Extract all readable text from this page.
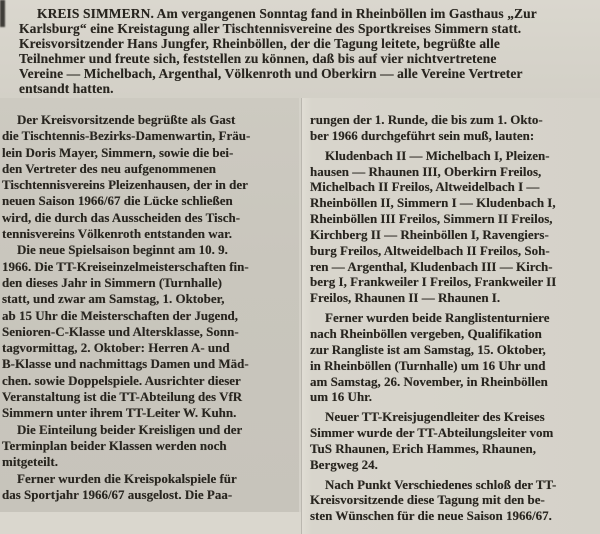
KREIS SIMMERN. Am vergangenen Sonntag fand in Rheinböllen im Gasthaus „Zur
Karlsburg“ eine Kreistagung aller Tischtennisvereine des Sportkreises Simmern statt.
Kreisvorsitzender Hans Jungfer, Rheinböllen, der die Tagung leitete, begrüßte alle
Teilnehmer und freute sich, feststellen zu können, daß bis auf vier nichtvertretene
Vereine — Michelbach, Argenthal, Völkenroth und Oberkirn — alle Vereine Vertreter
entsandt hatten.
Der Kreisvorsitzende begrüßte als Gast
die Tischtennis-Bezirks-Damenwartin, Fräu-
lein Doris Mayer, Simmern, sowie die bei-
den Vertreter des neu aufgenommenen
Tischtennisvereins Pleizenhausen, der in der
neuen Saison 1966/67 die Lücke schließen
wird, die durch das Ausscheiden des Tisch-
tennisvereins Völkenroth entstanden war.
Die neue Spielsaison beginnt am 10. 9.
1966. Die TT-Kreiseinzelmeisterschaften fin-
den dieses Jahr in Simmern (Turnhalle)
statt, und zwar am Samstag, 1. Oktober,
ab 15 Uhr die Meisterschaften der Jugend,
Senioren-C-Klasse und Altersklasse, Sonn-
tagvormittag, 2. Oktober: Herren A- und
B-Klasse und nachmittags Damen und Mäd-
chen. sowie Doppelspiele. Ausrichter dieser
Veranstaltung ist die TT-Abteilung des VfR
Simmern unter ihrem TT-Leiter W. Kuhn.
Die Einteilung beider Kreisligen und der
Terminplan beider Klassen werden noch
mitgeteilt.
Ferner wurden die Kreispokalspiele für
das Sportjahr 1966/67 ausgelost. Die Paa-
rungen der 1. Runde, die bis zum 1. Okto-
ber 1966 durchgeführt sein muß, lauten:
Kludenbach II — Michelbach I, Pleizen-
hausen — Rhaunen III, Oberkirn Freilos,
Michelbach II Freilos, Altweidelbach I —
Rheinböllen II, Simmern I — Kludenbach I,
Rheinböllen III Freilos, Simmern II Freilos,
Kirchberg II — Rheinböllen I, Ravengiers-
burg Freilos, Altweidelbach II Freilos, Soh-
ren — Argenthal, Kludenbach III — Kirch-
berg I, Frankweiler I Freilos, Frankweiler II
Freilos, Rhaunen II — Rhaunen I.
Ferner wurden beide Ranglistenturniere
nach Rheinböllen vergeben, Qualifikation
zur Rangliste ist am Samstag, 15. Oktober,
in Rheinböllen (Turnhalle) um 16 Uhr und
am Samstag, 26. November, in Rheinböllen
um 16 Uhr.
Neuer TT-Kreisjugendleiter des Kreises
Simmer wurde der TT-Abteilungsleiter vom
TuS Rhaunen, Erich Hammes, Rhaunen,
Bergweg 24.
Nach Punkt Verschiedenes schloß der TT-
Kreisvorsitzende diese Tagung mit den be-
sten Wünschen für die neue Saison 1966/67.
